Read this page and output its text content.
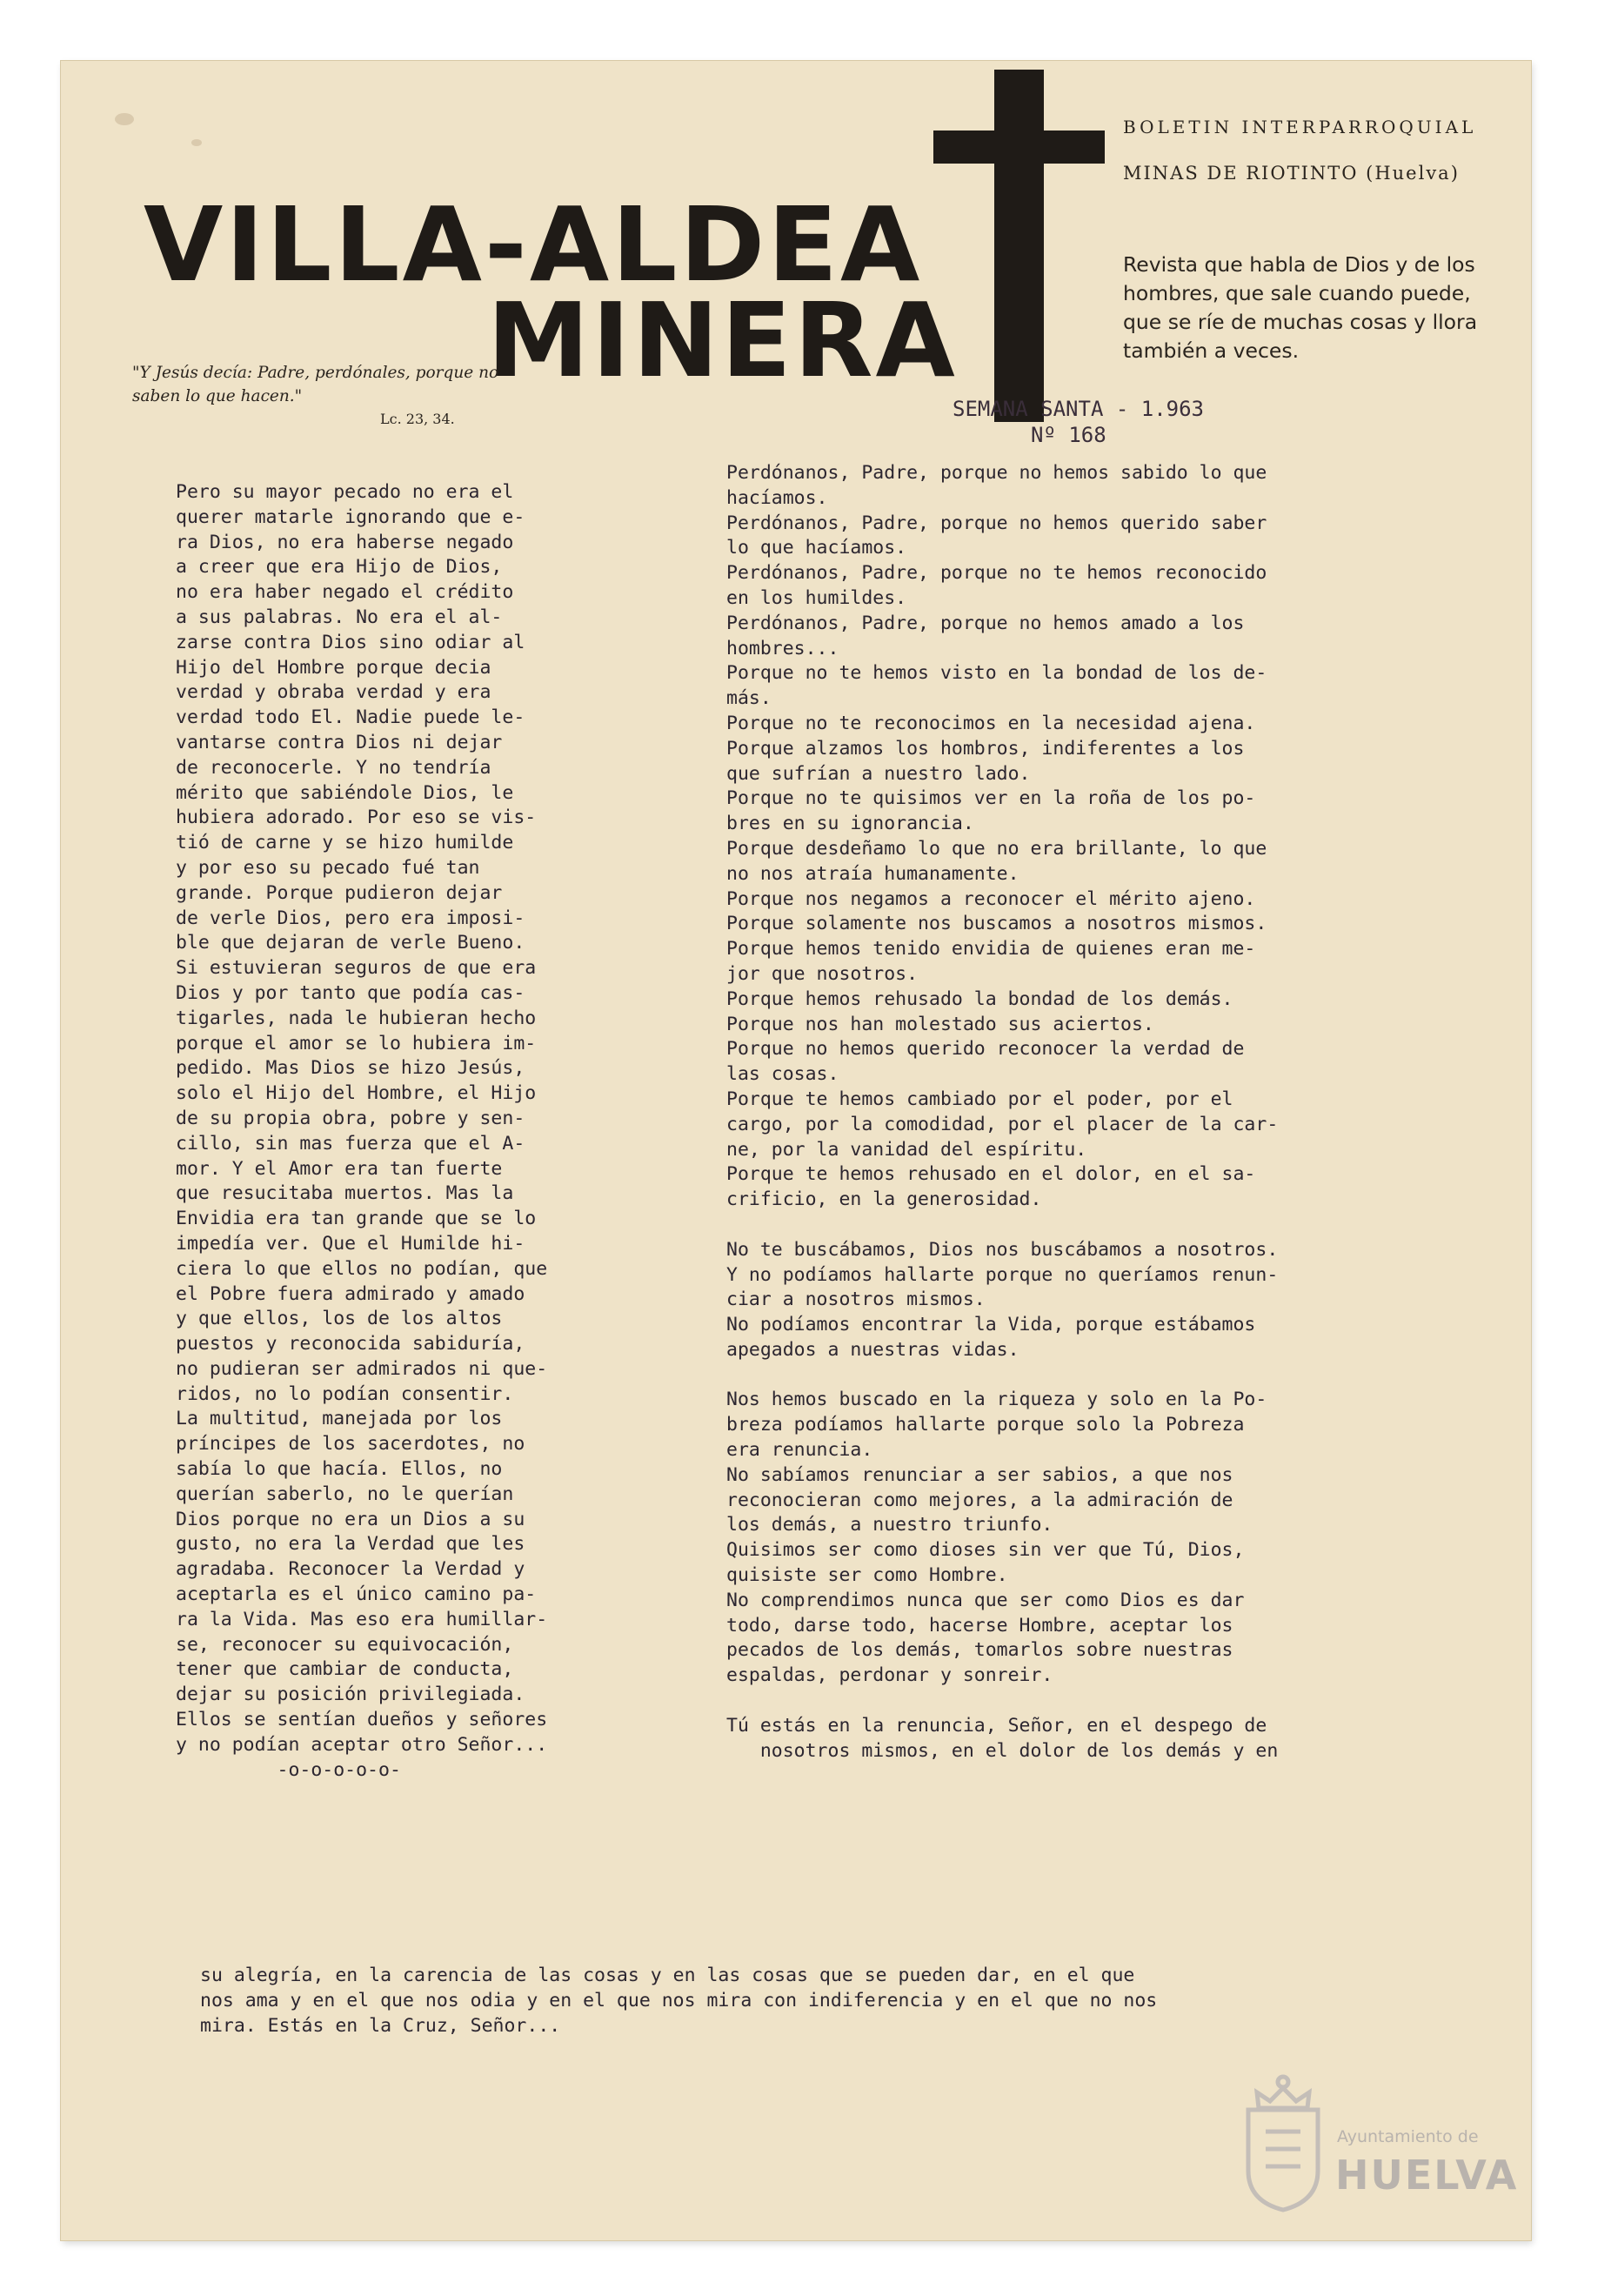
VILLA-ALDEA
MINERA
BOLETIN INTERPARROQUIAL
MINAS DE RIOTINTO (Huelva)
Revista que habla de Dios y de los hombres, que sale cuando puede, que se ríe de muchas cosas y llora también a veces.
"Y Jesús decía: Padre, perdónales, porque no saben lo que hacen."
Lc. 23, 34.	SEMANA SANTA - 1.963
Nº 168
Pero su mayor pecado no era el
querer matarle ignorando que e-
ra Dios, no era haberse negado
a creer que era Hijo de Dios,
no era haber negado el crédito
a sus palabras. No era el al-
zarse contra Dios sino odiar al
Hijo del Hombre porque decia
verdad y obraba verdad y era
verdad todo El. Nadie puede le-
vantarse contra Dios ni dejar
de reconocerle. Y no tendría
mérito que sabiéndole Dios, le
hubiera adorado. Por eso se vis-
tió de carne y se hizo humilde
y por eso su pecado fué tan
grande. Porque pudieron dejar
de verle Dios, pero era imposi-
ble que dejaran de verle Bueno.
Si estuvieran seguros de que era
Dios y por tanto que podía cas-
tigarles, nada le hubieran hecho
porque el amor se lo hubiera im-
pedido. Mas Dios se hizo Jesús,
solo el Hijo del Hombre, el Hijo
de su propia obra, pobre y sen-
cillo, sin mas fuerza que el A-
mor. Y el Amor era tan fuerte
que resucitaba muertos. Mas la
Envidia era tan grande que se lo
impedía ver. Que el Humilde hi-
ciera lo que ellos no podían, que
el Pobre fuera admirado y amado
y que ellos, los de los altos
puestos y reconocida sabiduría,
no pudieran ser admirados ni que-
ridos, no lo podían consentir.
La multitud, manejada por los
príncipes de los sacerdotes, no
sabía lo que hacía. Ellos, no
querían saberlo, no le querían
Dios porque no era un Dios a su
gusto, no era la Verdad que les
agradaba. Reconocer la Verdad y
aceptarla es el único camino pa-
ra la Vida. Mas eso era humillar-
se, reconocer su equivocación,
tener que cambiar de conducta,
dejar su posición privilegiada.
Ellos se sentían dueños y señores
y no podían aceptar otro Señor...
-o-o-o-o-o-
Perdónanos, Padre, porque no hemos sabido lo que
hacíamos.
Perdónanos, Padre, porque no hemos querido saber
lo que hacíamos.
Perdónanos, Padre, porque no te hemos reconocido
en los humildes.
Perdónanos, Padre, porque no hemos amado a los
hombres...
Porque no te hemos visto en la bondad de los de-
más.
Porque no te reconocimos en la necesidad ajena.
Porque alzamos los hombros, indiferentes a los
que sufrían a nuestro lado.
Porque no te quisimos ver en la roña de los po-
bres en su ignorancia.
Porque desdeñamo lo que no era brillante, lo que
no nos atraía humanamente.
Porque nos negamos a reconocer el mérito ajeno.
Porque solamente nos buscamos a nosotros mismos.
Porque hemos tenido envidia de quienes eran me-
jor que nosotros.
Porque hemos rehusado la bondad de los demás.
Porque nos han molestado sus aciertos.
Porque no hemos querido reconocer la verdad de
las cosas.
Porque te hemos cambiado por el poder, por el
cargo, por la comodidad, por el placer de la car-
ne, por la vanidad del espíritu.
Porque te hemos rehusado en el dolor, en el sa-
crificio, en la generosidad.

No te buscábamos, Dios nos buscábamos a nosotros.
Y no podíamos hallarte porque no queríamos renun-
ciar a nosotros mismos.
No podíamos encontrar la Vida, porque estábamos
apegados a nuestras vidas.

Nos hemos buscado en la riqueza y solo en la Po-
breza podíamos hallarte porque solo la Pobreza
era renuncia.
No sabíamos renunciar a ser sabios, a que nos
reconocieran como mejores, a la admiración de
los demás, a nuestro triunfo.
Quisimos ser como dioses sin ver que Tú, Dios,
quisiste ser como Hombre.
No comprendimos nunca que ser como Dios es dar
todo, darse todo, hacerse Hombre, aceptar los
pecados de los demás, tomarlos sobre nuestras
espaldas, perdonar y sonreir.

Tú estás en la renuncia, Señor, en el despego de
nosotros mismos, en el dolor de los demás y en
su alegría, en la carencia de las cosas y en las cosas que se pueden dar, en el que
nos ama y en el que nos odia y en el que nos mira con indiferencia y en el que no nos
mira. Estás en la Cruz, Señor...
Ayuntamiento de
HUELVA
